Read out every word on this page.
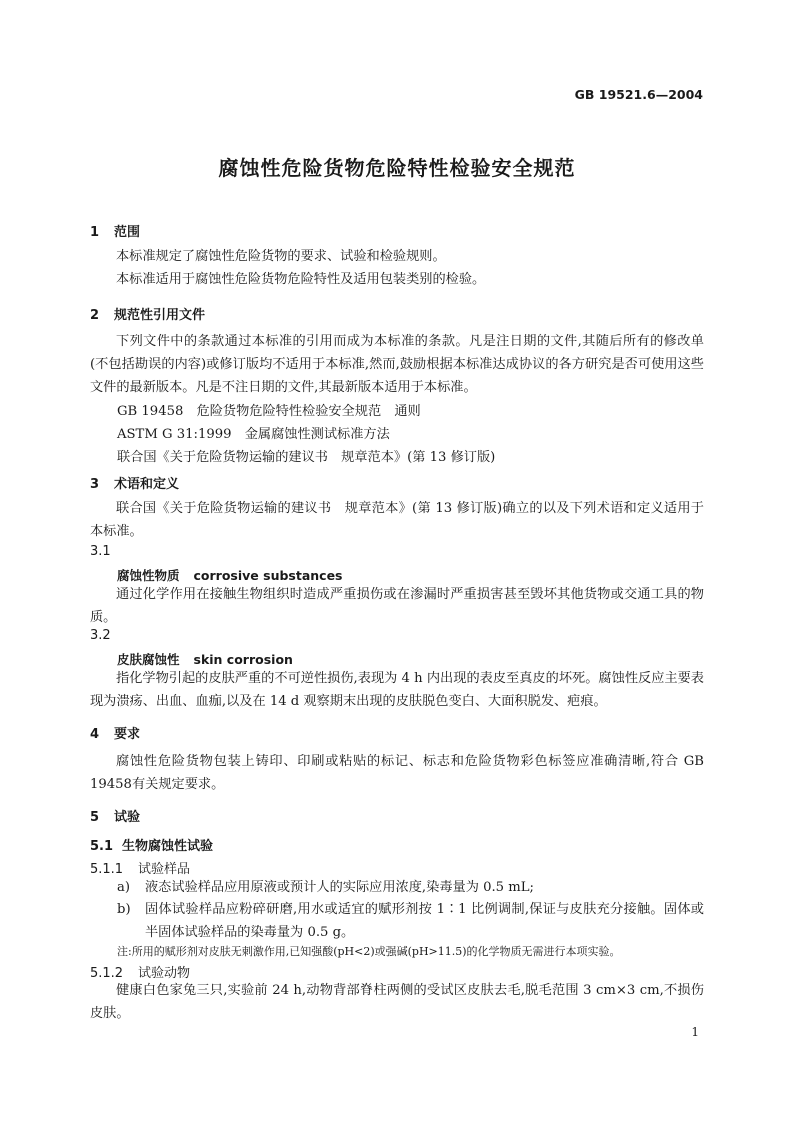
GB 19521.6—2004
腐蚀性危险货物危险特性检验安全规范
1 范围
本标准规定了腐蚀性危险货物的要求、试验和检验规则。
本标准适用于腐蚀性危险货物危险特性及适用包装类别的检验。
2 规范性引用文件
下列文件中的条款通过本标准的引用而成为本标准的条款。凡是注日期的文件,其随后所有的修改单(不包括勘误的内容)或修订版均不适用于本标准,然而,鼓励根据本标准达成协议的各方研究是否可使用这些文件的最新版本。凡是不注日期的文件,其最新版本适用于本标准。
GB 19458　危险货物危险特性检验安全规范　通则
ASTM G 31:1999　金属腐蚀性测试标准方法
联合国《关于危险货物运输的建议书　规章范本》(第 13 修订版)
3 术语和定义
联合国《关于危险货物运输的建议书　规章范本》(第 13 修订版)确立的以及下列术语和定义适用于本标准。
3.1
腐蚀性物质 corrosive substances
通过化学作用在接触生物组织时造成严重损伤或在渗漏时严重损害甚至毁坏其他货物或交通工具的物质。
3.2
皮肤腐蚀性 skin corrosion
指化学物引起的皮肤严重的不可逆性损伤,表现为 4 h 内出现的表皮至真皮的坏死。腐蚀性反应主要表现为溃疡、出血、血痂,以及在 14 d 观察期末出现的皮肤脱色变白、大面积脱发、疤痕。
4 要求
腐蚀性危险货物包装上铸印、印刷或粘贴的标记、标志和危险货物彩色标签应准确清晰,符合 GB 19458有关规定要求。
5 试验
5.1 生物腐蚀性试验
5.1.1 试验样品
a)	液态试验样品应用原液或预计人的实际应用浓度,染毒量为 0.5 mL;
b)	固体试验样品应粉碎研磨,用水或适宜的赋形剂按 1∶1 比例调制,保证与皮肤充分接触。固体或半固体试验样品的染毒量为 0.5 g。
注:所用的赋形剂对皮肤无刺激作用,已知强酸(pH<2)或强碱(pH>11.5)的化学物质无需进行本项实验。
5.1.2 试验动物
健康白色家兔三只,实验前 24 h,动物背部脊柱两侧的受试区皮肤去毛,脱毛范围 3 cm×3 cm,不损伤皮肤。
1
